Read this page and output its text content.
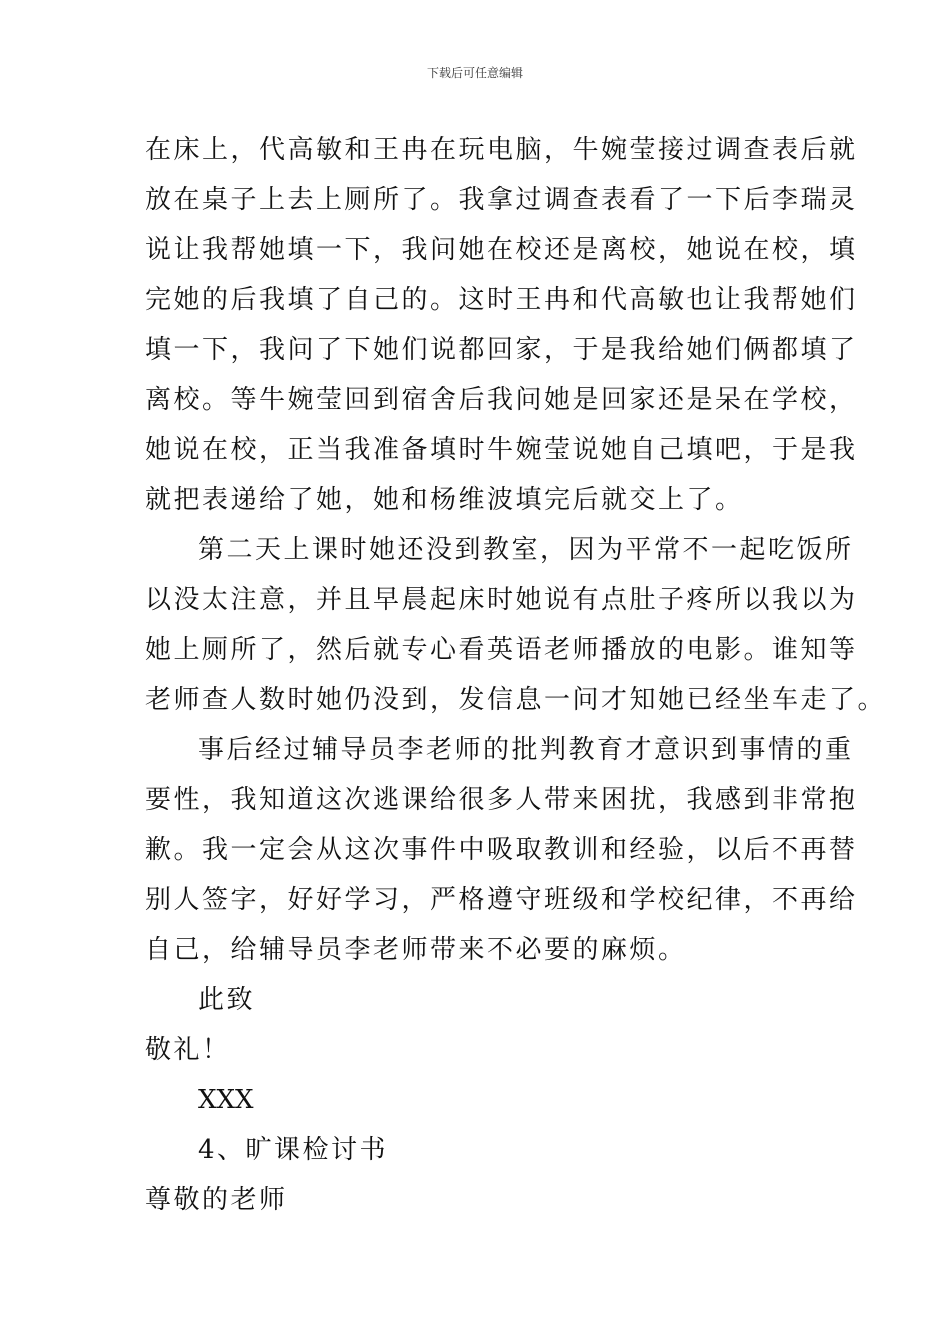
下载后可任意编辑
在床上，代高敏和王冉在玩电脑，牛婉莹接过调查表后就
放在桌子上去上厕所了。我拿过调查表看了一下后李瑞灵
说让我帮她填一下，我问她在校还是离校，她说在校，填
完她的后我填了自己的。这时王冉和代高敏也让我帮她们
填一下，我问了下她们说都回家，于是我给她们俩都填了
离校。等牛婉莹回到宿舍后我问她是回家还是呆在学校，
她说在校，正当我准备填时牛婉莹说她自己填吧，于是我
就把表递给了她，她和杨维波填完后就交上了。
第二天上课时她还没到教室，因为平常不一起吃饭所
以没太注意，并且早晨起床时她说有点肚子疼所以我以为
她上厕所了，然后就专心看英语老师播放的电影。谁知等
老师查人数时她仍没到，发信息一问才知她已经坐车走了。
事后经过辅导员李老师的批判教育才意识到事情的重
要性，我知道这次逃课给很多人带来困扰，我感到非常抱
歉。我一定会从这次事件中吸取教训和经验，以后不再替
别人签字，好好学习，严格遵守班级和学校纪律，不再给
自己，给辅导员李老师带来不必要的麻烦。
此致
敬礼！
XXX
4、旷课检讨书
尊敬的老师
